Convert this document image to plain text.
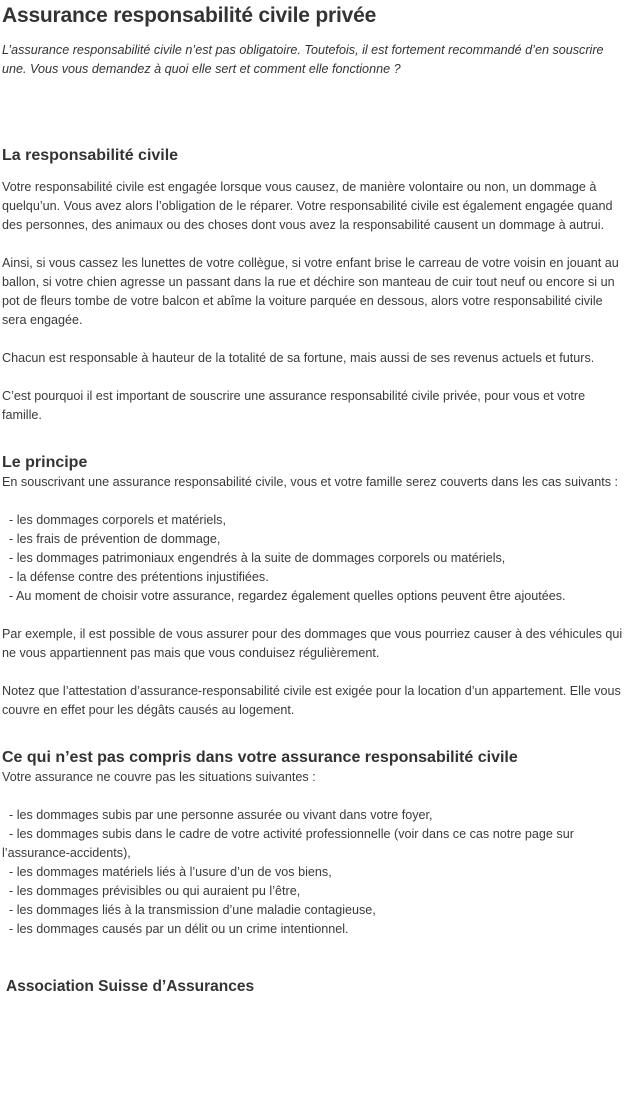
Assurance responsabilité civile privée

L’assurance responsabilité civile n’est pas obligatoire. Toutefois, il est fortement recommandé d’en souscrire une. Vous vous demandez à quoi elle sert et comment elle fonctionne ?

La responsabilité civile

Votre responsabilité civile est engagée lorsque vous causez, de manière volontaire ou non, un dommage à quelqu’un. Vous avez alors l’obligation de le réparer. Votre responsabilité civile est également engagée quand des personnes, des animaux ou des choses dont vous avez la responsabilité causent un dommage à autrui.

Ainsi, si vous cassez les lunettes de votre collègue, si votre enfant brise le carreau de votre voisin en jouant au ballon, si votre chien agresse un passant dans la rue et déchire son manteau de cuir tout neuf ou encore si un pot de fleurs tombe de votre balcon et abîme la voiture parquée en dessous, alors votre responsabilité civile sera engagée.

Chacun est responsable à hauteur de la totalité de sa fortune, mais aussi de ses revenus actuels et futurs.

C’est pourquoi il est important de souscrire une assurance responsabilité civile privée, pour vous et votre famille.

Le principe

En souscrivant une assurance responsabilité civile, vous et votre famille serez couverts dans les cas suivants :

- les dommages corporels et matériels,
- les frais de prévention de dommage,
- les dommages patrimoniaux engendrés à la suite de dommages corporels ou matériels,
- la défense contre des prétentions injustifiées.
- Au moment de choisir votre assurance, regardez également quelles options peuvent être ajoutées.

Par exemple, il est possible de vous assurer pour des dommages que vous pourriez causer à des véhicules qui ne vous appartiennent pas mais que vous conduisez régulièrement.

Notez que l’attestation d’assurance-responsabilité civile est exigée pour la location d’un appartement. Elle vous couvre en effet pour les dégâts causés au logement.

Ce qui n’est pas compris dans votre assurance responsabilité civile

Votre assurance ne couvre pas les situations suivantes :

- les dommages subis par une personne assurée ou vivant dans votre foyer,
- les dommages subis dans le cadre de votre activité professionnelle (voir dans ce cas notre page sur l’assurance-accidents),
- les dommages matériels liés à l’usure d’un de vos biens,
- les dommages prévisibles ou qui auraient pu l’être,
- les dommages liés à la transmission d’une maladie contagieuse,
- les dommages causés par un délit ou un crime intentionnel.
Association Suisse d’Assurances
